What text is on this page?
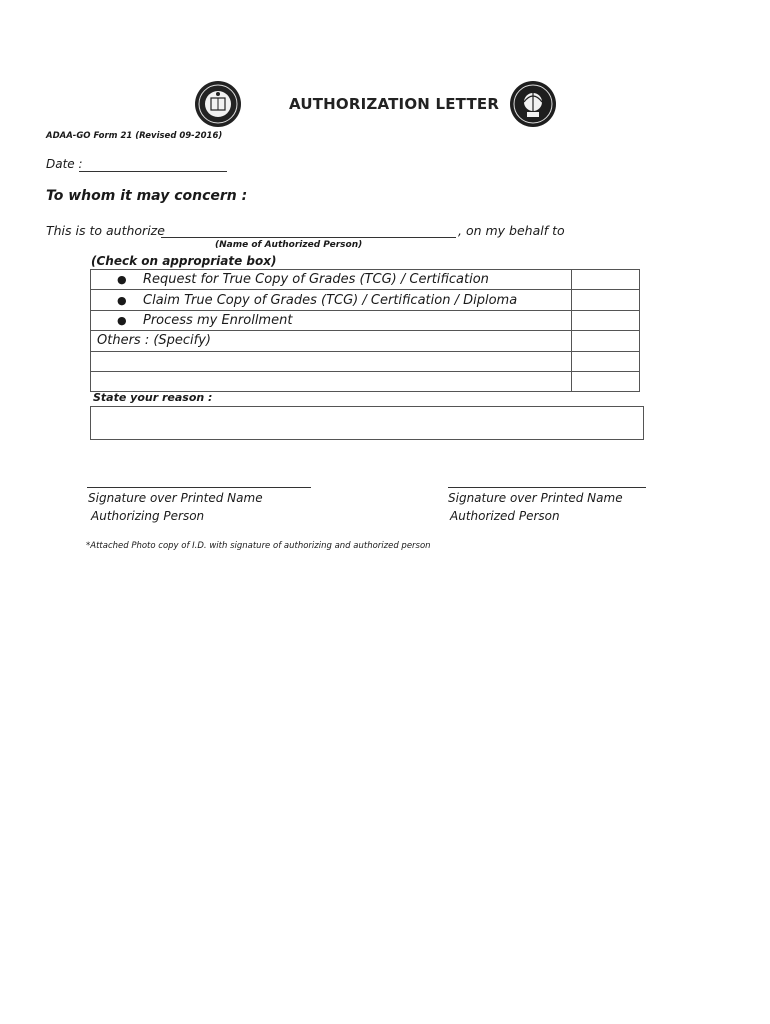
AUTHORIZATION LETTER
ADAA-GO Form 21 (Revised 09-2016)
Date :
To whom it may concern :
This is to authorize	, on my behalf to
(Name of Authorized Person)
(Check on appropriate box)
● Request for True Copy of Grades (TCG) / Certification	

● Claim True Copy of Grades (TCG) / Certification / Diploma	

● Process my Enrollment	

Others : (Specify)	

State your reason :
Signature over Printed Name
Authorizing Person
Signature over Printed Name
Authorized Person
*Attached Photo copy of I.D. with signature of authorizing and authorized person
